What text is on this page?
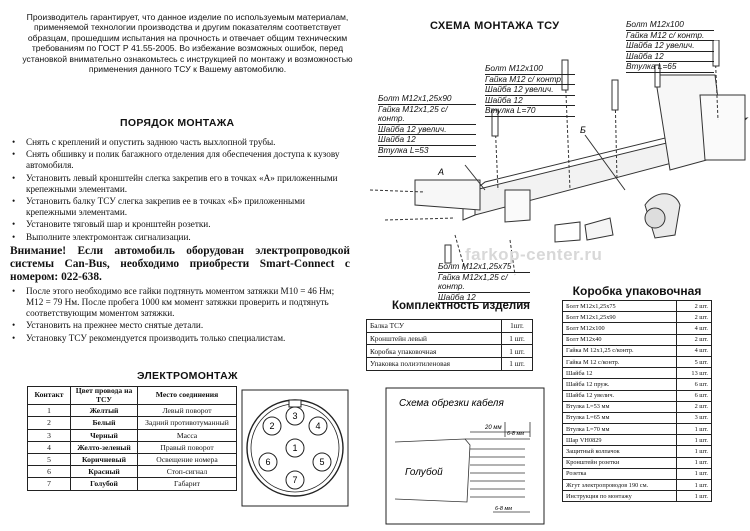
Производитель гарантирует, что данное изделие по используемым материалам, применяемой технологии производства и другим показателям соответствует образцам, прошедшим испытания на прочность и отвечает общим техническим требованиям по ГОСТ Р 41.55-2005. Во избежание возможных ошибок, перед установкой внимательно ознакомьтесь с инструкцией по монтажу и возможностью применения данного ТСУ к Вашему автомобилю.
ПОРЯДОК МОНТАЖА
• Снять с креплений и опустить заднюю часть выхлопной трубы.
• Снять обшивку и полик багажного отделения для обеспечения доступа к кузову автомобиля.
• Установить левый кронштейн слегка закрепив его в точках «А» приложенными крепежными элементами.
• Установить балку ТСУ слегка закрепив ее в точках «Б» приложенными крепежными элементами.
• Установите тяговый шар и кронштейн розетки.
• Выполните электромонтаж сигнализации.
Внимание! Если автомобиль оборудован электропроводкой системы Can-Bus, необходимо приобрести Smart-Connect с номером: 022-638.
• После этого необходимо все гайки подтянуть моментом затяжки М10 = 46 Нм; М12 = 79 Нм. После пробега 1000 км момент затяжки проверить и подтянуть соответствующим моментом затяжки.
• Установить на прежнее место снятые детали.
• Установку ТСУ рекомендуется производить только специалистам.
ЭЛЕКТРОМОНТАЖ
Контакт	Цвет провода на ТСУ	Место соединения
1	Желтый	Левый поворот
2	Белый	Задний противотуманный
3	Черный	Масса
4	Желто-зеленый	Правый поворот
5	Коричневый	Освещение номера
6	Красный	Стоп-сигнал
7	Голубой	Габарит
1
2
3
4
5
6
7
СХЕМА МОНТАЖА ТСУ
А
Б
Болт М12х100
Гайка М12 с/ контр.
Шайба 12 увелич.
Шайба 12
Втулка L=65
Болт М12х100
Гайка М12 с/ контр.
Шайба 12 увелич.
Шайба 12
Втулка L=70
Болт М12х1,25х90
Гайка М12х1,25 с/ контр.
Шайба 12 увелич.
Шайба 12
Втулка L=53
Болт М12х1,25х75
Гайка М12х1,25 с/ контр.
Шайба 12
farkop-center.ru
Комплектность изделия
Балка ТСУ	1шт.
Кронштейн левый	1 шт.
Коробка упаковочная	1 шт.
Упаковка полиэтиленовая	1 шт.
Схема обрезки кабеля
20 мм
6-8 мм
6-8 мм
Голубой
Коробка упаковочная
Болт М12х1,25х75	2 шт.
Болт М12х1,25х90	2 шт.
Болт М12х100	4 шт.
Болт М12х40	2 шт.
Гайка М 12х1,25 с/контр.	4 шт.
Гайка М 12 с/контр.	5 шт.
Шайба 12	13 шт.
Шайба 12 пруж.	6 шт.
Шайба 12 увелич.	6 шт.
Втулка L=53 мм	2 шт.
Втулка L=65 мм	3 шт.
Втулка L=70 мм	1 шт.
Шар VH0829	1 шт.
Защитный колпачок	1 шт.
Кронштейн розетки	1 шт.
Розетка	1 шт.
Жгут электропроводов 190 см.	1 шт.
Инструкция по монтажу	1 шт.
